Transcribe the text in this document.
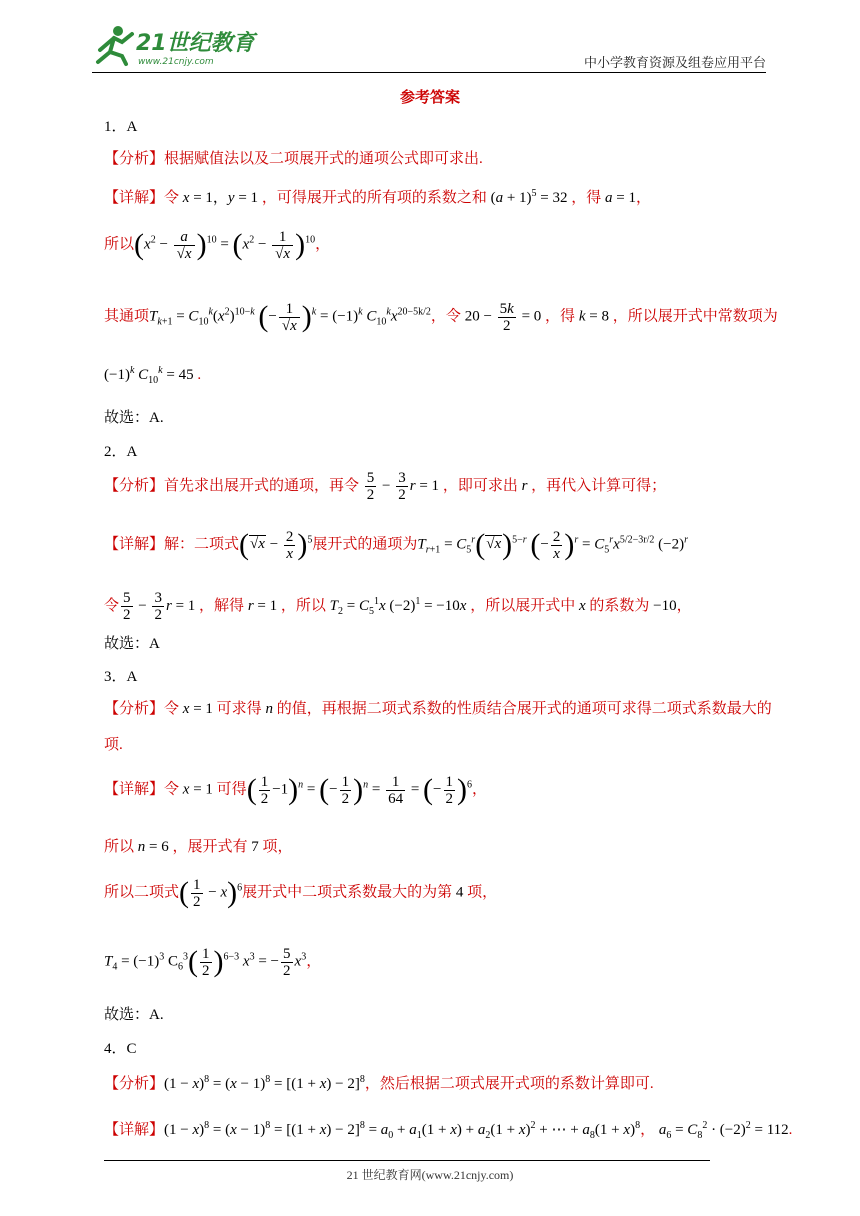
21世纪教育
www.21cnjy.com	中小学教育资源及组卷应用平台
参考答案
1．A
【分析】根据赋值法以及二项展开式的通项公式即可求出.
【详解】令 x = 1，y = 1 ，可得展开式的所有项的系数之和 $(a + 1)^5 = 32$ ，得 a = 1，
所以$(x^2 - \frac{a}{√x} )^{10} = (x^2 - \frac{1}{√x} )^{10}$，
其通项$T_{k+1} = C_{10}^k(x^2)^{10-k}$ (− $\frac{1}{√x} )^k = (-1)^k$ $C_{10}^kx^{20-5k/2}$，令 $20 - \frac{5k}{2} = 0$ ，得 k = 8 ，所以展开式中常数项为
$(-1)^k$ $C_{10}^k = 45$ .
故选：A.
2．A
【分析】首先求出展开式的通项，再令 $\frac{5}{2} - \frac{3}{2}$ r = 1 ，即可求出 r ，再代入计算可得；
【详解】解：二项式$(√x - \frac{2}{x} )^5$展开式的通项为$T_{r+1} = C_5^r(√x)^{5-r}$ (− $\frac{2}{x} )^r = C_5^rx^{5/2-3r/2}$ $(-2)^r$
令 $\frac{5}{2} - \frac{3}{2}$ r = 1 ，解得 r = 1 ，所以 $T_2 = C_5^1x$ $(-2)^1 = -10x$ ，所以展开式中 x 的系数为 −10，
故选：A
3．A
【分析】令 x = 1 可求得 n 的值，再根据二项式系数的性质结合展开式的通项可求得二项式系数最大的
项.
【详解】令 x = 1 可得( $\frac{1}{2} -1)^n$ = (− $\frac{1}{2} )^n = \frac{1}{64}$ = (− $\frac{1}{2} )^6$，
所以 n = 6 ，展开式有 7 项，
所以二项式( $\frac{1}{2} - x)^6$展开式中二项式系数最大的为第 4 项，
$T_4 = (-1)^3$ $C_6^3( \frac{1}{2} )^{6-3}$ $x^3$ = − $\frac{5}{2} x^3$，
故选：A.
4．C
【分析】$(1 - x)^8 = (x - 1)^8 = [(1 + x) - 2]^8$，然后根据二项式展开式项的系数计算即可.
【详解】$(1 - x)^8 = (x - 1)^8 = [(1 + x) - 2]^8 = a_0 + a_1(1 + x) + a_2(1 + x)^2$ + ⋯ + $a_8(1 + x)^8$， $a_6 = C_8^2 \cdot (-2)^2 = 112$.
21 世纪教育网(www.21cnjy.com)
